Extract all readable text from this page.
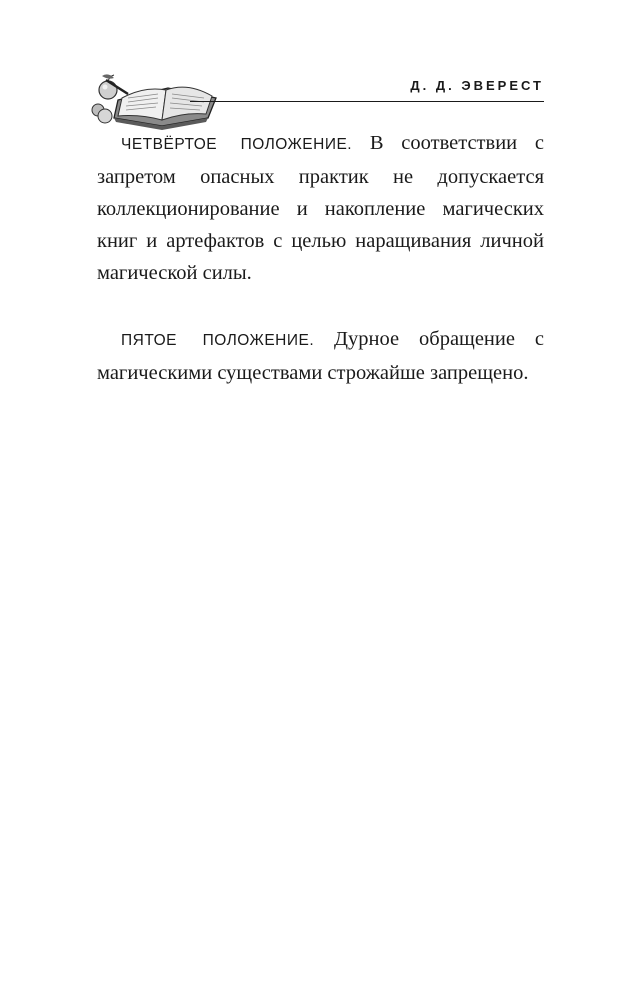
Д. Д. ЭВЕРЕСТ

ЧЕТВЁРТОЕ ПОЛОЖЕНИЕ. В соответствии с запретом опасных практик не допускается коллекционирование и накопление магических книг и артефактов с целью наращивания личной магической силы.

ПЯТОЕ ПОЛОЖЕНИЕ. Дурное обращение с магическими существами строжайше запрещено.
